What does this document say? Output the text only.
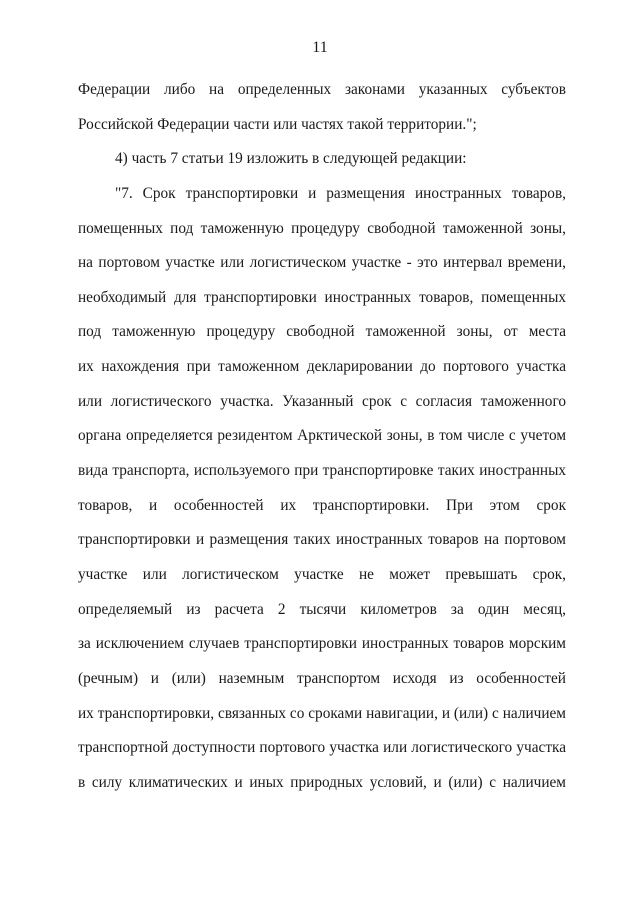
11
Федерации либо на определенных законами указанных субъектов
Российской Федерации части или частях такой территории.";
4) часть 7 статьи 19 изложить в следующей редакции:
"7. Срок транспортировки и размещения иностранных товаров,
помещенных под таможенную процедуру свободной таможенной зоны,
на портовом участке или логистическом участке - это интервал времени,
необходимый для транспортировки иностранных товаров, помещенных
под таможенную процедуру свободной таможенной зоны, от места
их нахождения при таможенном декларировании до портового участка
или логистического участка. Указанный срок с согласия таможенного
органа определяется резидентом Арктической зоны, в том числе с учетом
вида транспорта, используемого при транспортировке таких иностранных
товаров, и особенностей их транспортировки. При этом срок
транспортировки и размещения таких иностранных товаров на портовом
участке или логистическом участке не может превышать срок,
определяемый из расчета 2 тысячи километров за один месяц,
за исключением случаев транспортировки иностранных товаров морским
(речным) и (или) наземным транспортом исходя из особенностей
их транспортировки, связанных со сроками навигации, и (или) с наличием
транспортной доступности портового участка или логистического участка
в силу климатических и иных природных условий, и (или) с наличием
